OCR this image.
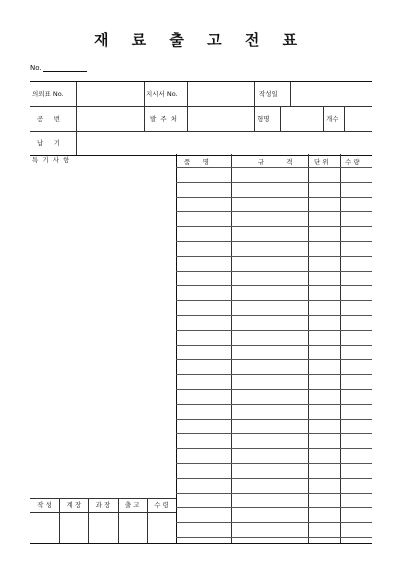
재 료 출 고 전 표
No.
의뢰표 No.	지시서 No.	작성일
공　번	발 주 처	형명	개수
납　기
특 기 사 항	품　명	규　　격	단 위	수 량
작 성	계 장	과 장	출 고	수 령
